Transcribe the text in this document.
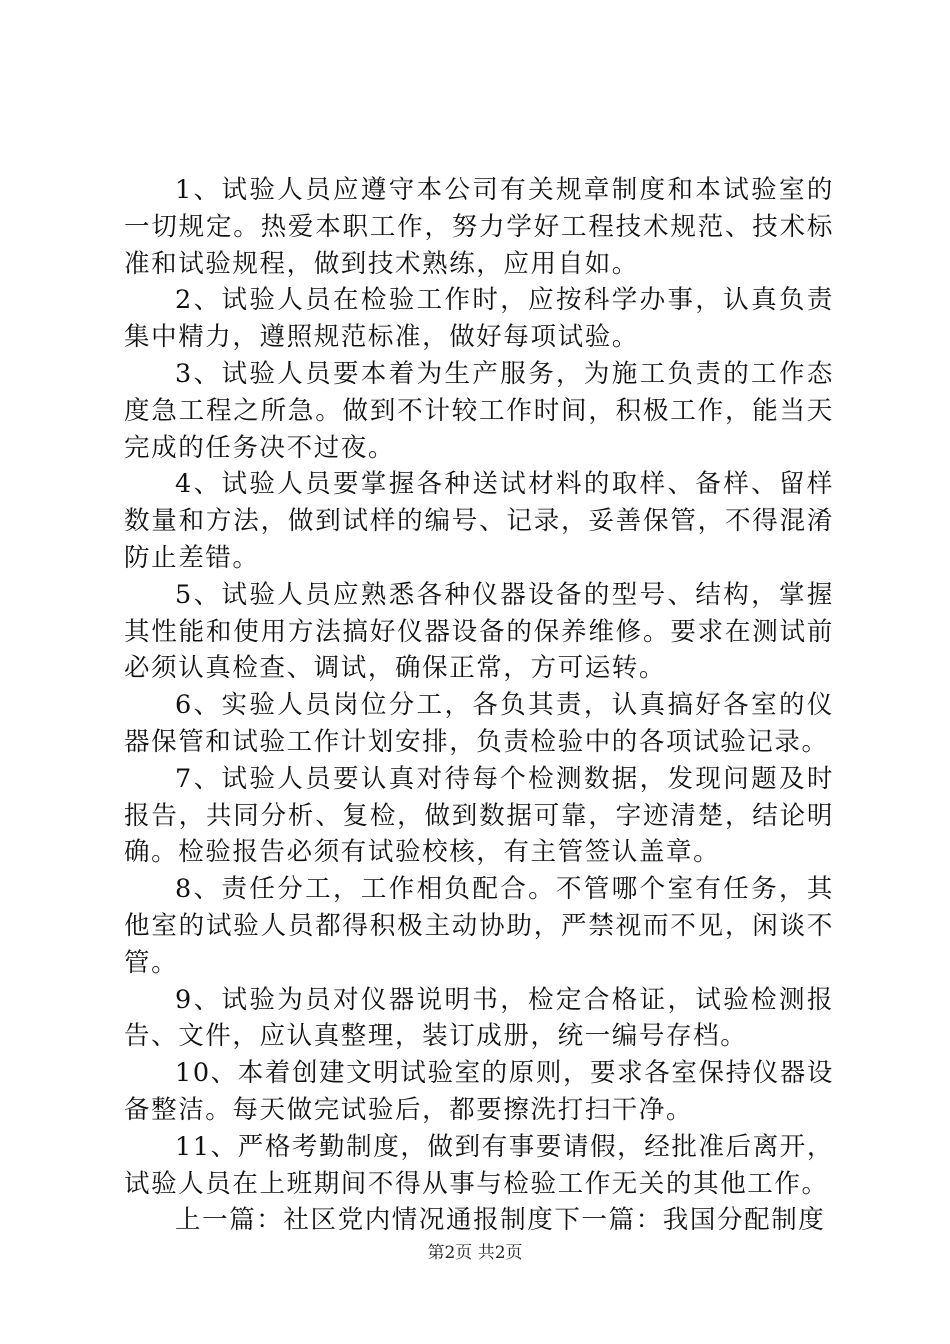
1、试验人员应遵守本公司有关规章制度和本试验室的一切规定。热爱本职工作，努力学好工程技术规范、技术标准和试验规程，做到技术熟练，应用自如。

2、试验人员在检验工作时，应按科学办事，认真负责集中精力，遵照规范标准，做好每项试验。

3、试验人员要本着为生产服务，为施工负责的工作态度急工程之所急。做到不计较工作时间，积极工作，能当天完成的任务决不过夜。

4、试验人员要掌握各种送试材料的取样、备样、留样数量和方法，做到试样的编号、记录，妥善保管，不得混淆防止差错。

5、试验人员应熟悉各种仪器设备的型号、结构，掌握其性能和使用方法搞好仪器设备的保养维修。要求在测试前必须认真检查、调试，确保正常，方可运转。

6、实验人员岗位分工，各负其责，认真搞好各室的仪器保管和试验工作计划安排，负责检验中的各项试验记录。

7、试验人员要认真对待每个检测数据，发现问题及时报告，共同分析、复检，做到数据可靠，字迹清楚，结论明确。检验报告必须有试验校核，有主管签认盖章。

8、责任分工，工作相负配合。不管哪个室有任务，其他室的试验人员都得积极主动协助，严禁视而不见，闲谈不管。

9、试验为员对仪器说明书，检定合格证，试验检测报告、文件，应认真整理，装订成册，统一编号存档。

10、本着创建文明试验室的原则，要求各室保持仪器设备整洁。每天做完试验后，都要擦洗打扫干净。

11、严格考勤制度，做到有事要请假，经批准后离开，试验人员在上班期间不得从事与检验工作无关的其他工作。

上一篇：社区党内情况通报制度下一篇：我国分配制度

第2页 共2页
